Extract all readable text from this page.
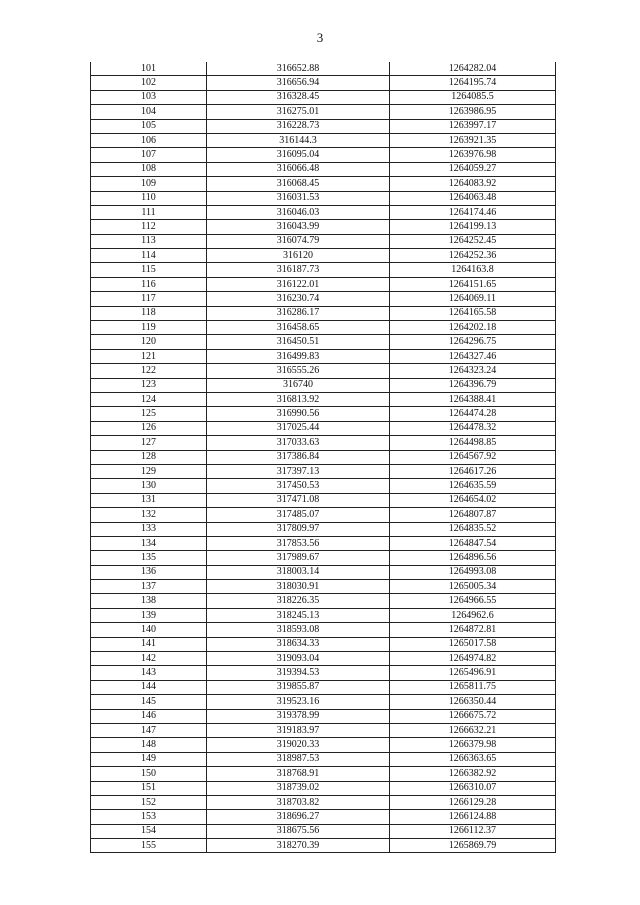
3
101	316652.88	1264282.04
102	316656.94	1264195.74
103	316328.45	1264085.5
104	316275.01	1263986.95
105	316228.73	1263997.17
106	316144.3	1263921.35
107	316095.04	1263976.98
108	316066.48	1264059.27
109	316068.45	1264083.92
110	316031.53	1264063.48
111	316046.03	1264174.46
112	316043.99	1264199.13
113	316074.79	1264252.45
114	316120	1264252.36
115	316187.73	1264163.8
116	316122.01	1264151.65
117	316230.74	1264069.11
118	316286.17	1264165.58
119	316458.65	1264202.18
120	316450.51	1264296.75
121	316499.83	1264327.46
122	316555.26	1264323.24
123	316740	1264396.79
124	316813.92	1264388.41
125	316990.56	1264474.28
126	317025.44	1264478.32
127	317033.63	1264498.85
128	317386.84	1264567.92
129	317397.13	1264617.26
130	317450.53	1264635.59
131	317471.08	1264654.02
132	317485.07	1264807.87
133	317809.97	1264835.52
134	317853.56	1264847.54
135	317989.67	1264896.56
136	318003.14	1264993.08
137	318030.91	1265005.34
138	318226.35	1264966.55
139	318245.13	1264962.6
140	318593.08	1264872.81
141	318634.33	1265017.58
142	319093.04	1264974.82
143	319394.53	1265496.91
144	319855.87	1265811.75
145	319523.16	1266350.44
146	319378.99	1266675.72
147	319183.97	1266632.21
148	319020.33	1266379.98
149	318987.53	1266363.65
150	318768.91	1266382.92
151	318739.02	1266310.07
152	318703.82	1266129.28
153	318696.27	1266124.88
154	318675.56	1266112.37
155	318270.39	1265869.79
